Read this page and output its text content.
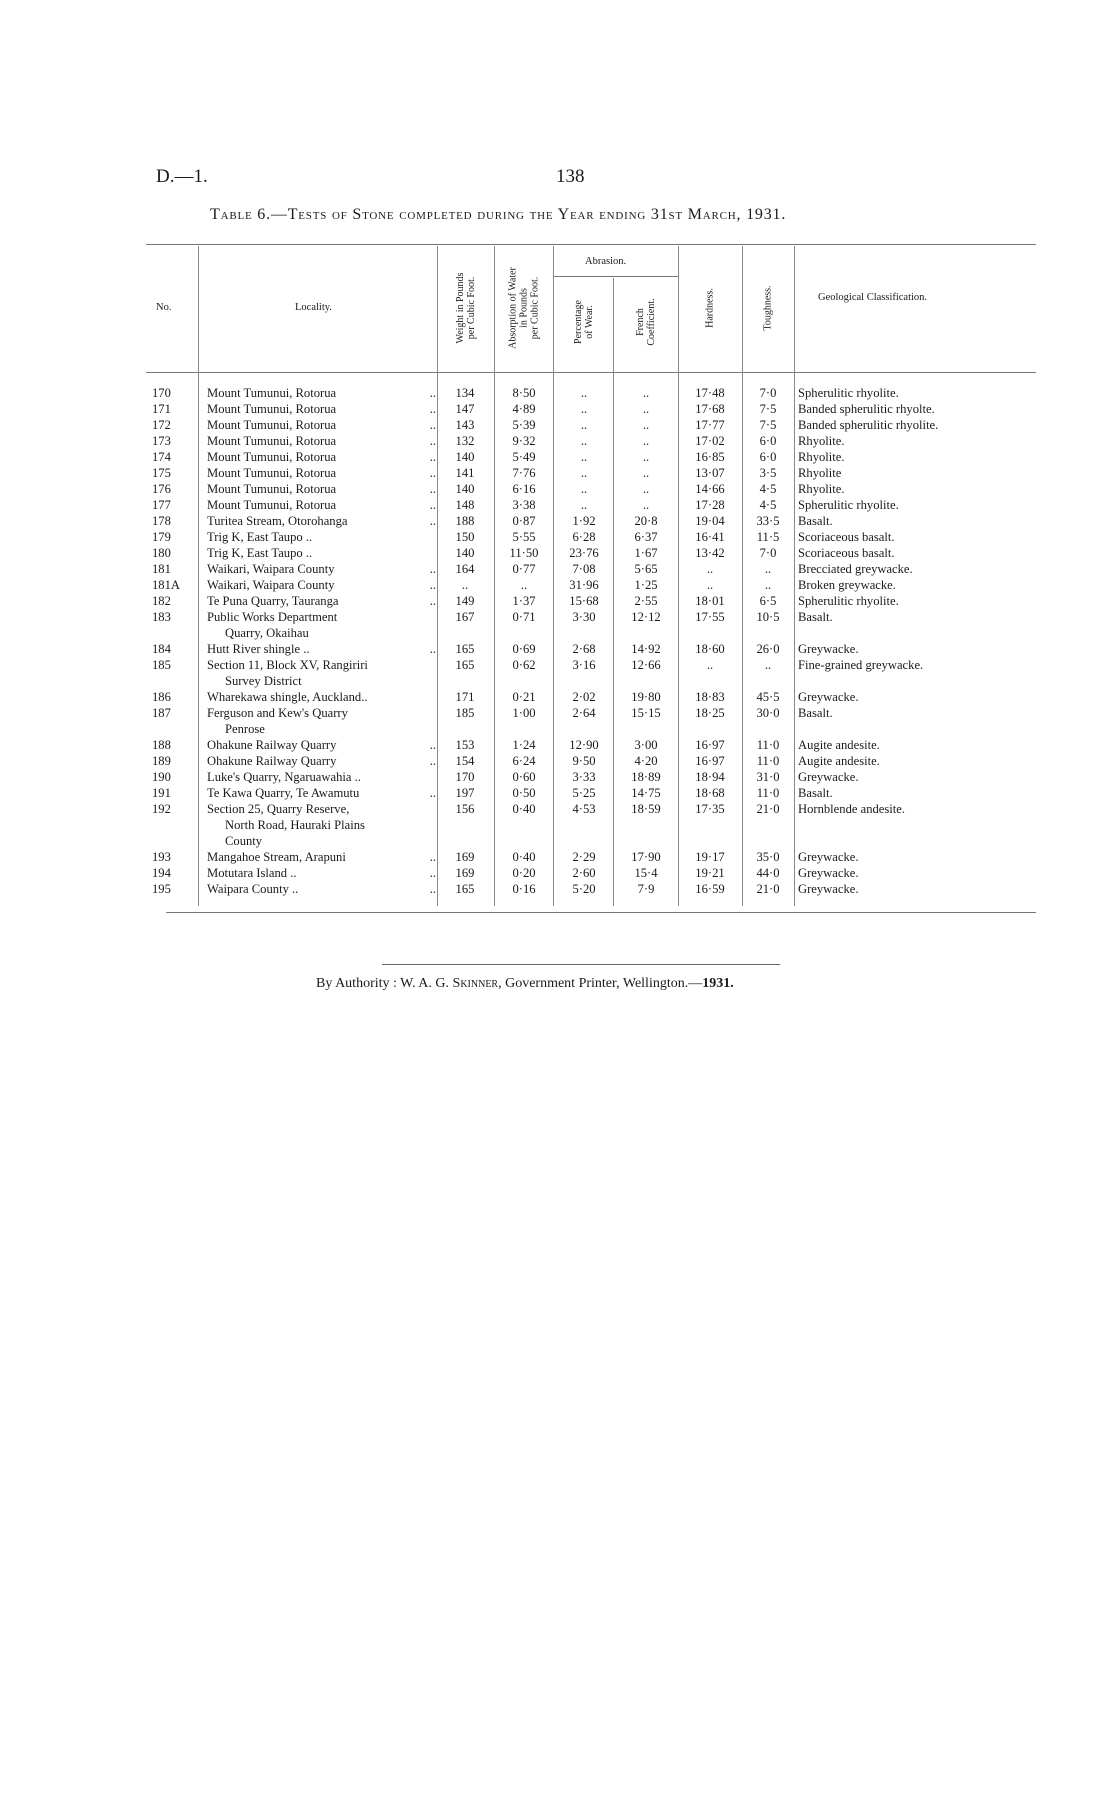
D.—1.	138
Table 6.—Tests of Stone completed during the Year ending 31st March, 1931.
No.	Locality.
Abrasion.
Geological Classification.
Weight in Pounds per Cubic Foot.	Absorption of Water in Pounds per Cubic Foot.	Percentage of Wear.	French Coefficient.	Hardness.	Toughness.
170	Mount Tumunui, Rotorua	134	8·50	..	..	17·48	7·0	Spherulitic rhyolite.
..
171	Mount Tumunui, Rotorua	147	4·89	..	..	17·68	7·5	Banded spherulitic rhyolte.
..
172	Mount Tumunui, Rotorua	143	5·39	..	..	17·77	7·5	Banded spherulitic rhyolite.
..
173	Mount Tumunui, Rotorua	132	9·32	..	..	17·02	6·0	Rhyolite.
..
174	Mount Tumunui, Rotorua	140	5·49	..	..	16·85	6·0	Rhyolite.
..
175	Mount Tumunui, Rotorua	141	7·76	..	..	13·07	3·5	Rhyolite
..
176	Mount Tumunui, Rotorua	140	6·16	..	..	14·66	4·5	Rhyolite.
..
177	Mount Tumunui, Rotorua	148	3·38	..	..	17·28	4·5	Spherulitic rhyolite.
..
178	Turitea Stream, Otorohanga	188	0·87	1·92	20·8	19·04	33·5	Basalt.
..
179	Trig K, East Taupo ..	150	5·55	6·28	6·37	16·41	11·5	Scoriaceous basalt.
180	Trig K, East Taupo ..	140	11·50	23·76	1·67	13·42	7·0	Scoriaceous basalt.
181	Waikari, Waipara County	164	0·77	7·08	5·65	..	..	Brecciated greywacke.
..
181A	Waikari, Waipara County	..	..	31·96	1·25	..	..	Broken greywacke.
..
182	Te Puna Quarry, Tauranga	149	1·37	15·68	2·55	18·01	6·5	Spherulitic rhyolite.
..
183	Public Works Department	167	0·71	3·30	12·12	17·55	10·5	Basalt.
Quarry, Okaihau
184	Hutt River shingle ..	165	0·69	2·68	14·92	18·60	26·0	Greywacke.
..
185	Section 11, Block XV, Rangiriri	165	0·62	3·16	12·66	..	..	Fine-grained greywacke.
Survey District
186	Wharekawa shingle, Auckland..	171	0·21	2·02	19·80	18·83	45·5	Greywacke.
187	Ferguson and Kew's Quarry	185	1·00	2·64	15·15	18·25	30·0	Basalt.
Penrose
188	Ohakune Railway Quarry	153	1·24	12·90	3·00	16·97	11·0	Augite andesite.
..
189	Ohakune Railway Quarry	154	6·24	9·50	4·20	16·97	11·0	Augite andesite.
..
190	Luke's Quarry, Ngaruawahia ..	170	0·60	3·33	18·89	18·94	31·0	Greywacke.
191	Te Kawa Quarry, Te Awamutu	197	0·50	5·25	14·75	18·68	11·0	Basalt.
..
192	Section 25, Quarry Reserve,	156	0·40	4·53	18·59	17·35	21·0	Hornblende andesite.
North Road, Hauraki Plains
County
193	Mangahoe Stream, Arapuni	169	0·40	2·29	17·90	19·17	35·0	Greywacke.
..
194	Motutara Island ..	169	0·20	2·60	15·4	19·21	44·0	Greywacke.
..
195	Waipara County ..	165	0·16	5·20	7·9	16·59	21·0	Greywacke.
..
By Authority : W. A. G. Skinner, Government Printer, Wellington.—1931.
